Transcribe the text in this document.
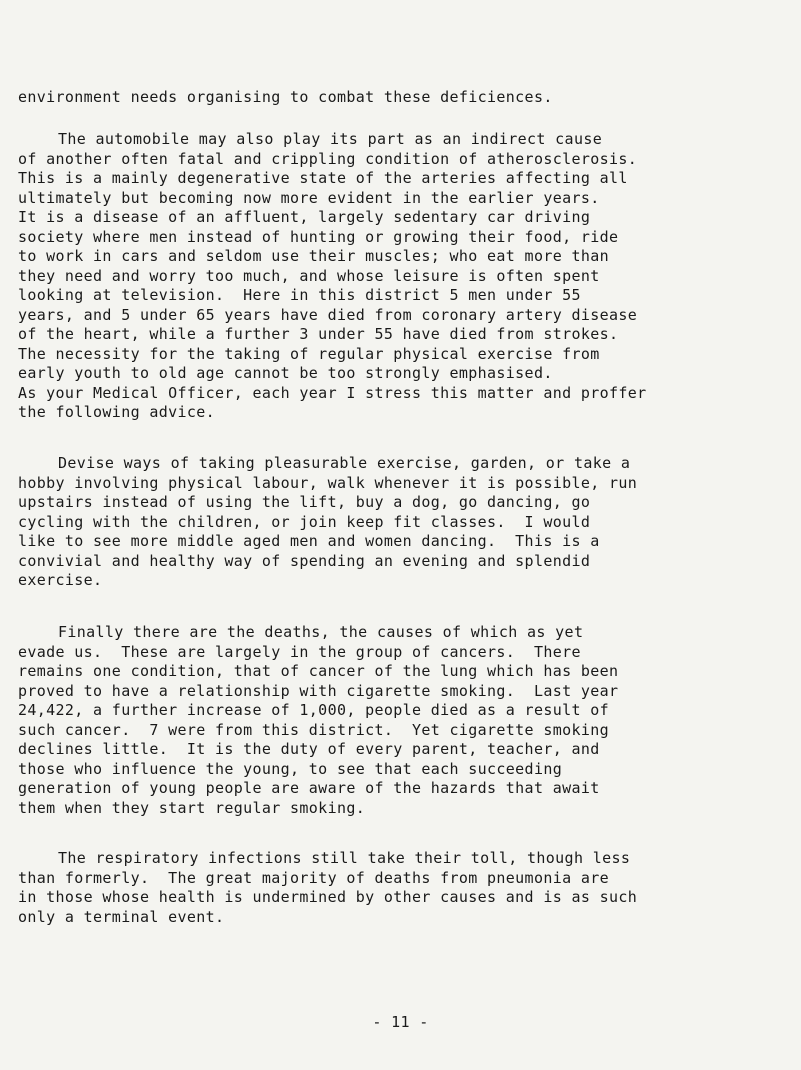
environment needs organising to combat these deficiences.

The automobile may also play its part as an indirect cause
of another often fatal and crippling condition of atherosclerosis.
This is a mainly degenerative state of the arteries affecting all
ultimately but becoming now more evident in the earlier years.
It is a disease of an affluent, largely sedentary car driving
society where men instead of hunting or growing their food, ride
to work in cars and seldom use their muscles; who eat more than
they need and worry too much, and whose leisure is often spent
looking at television.  Here in this district 5 men under 55
years, and 5 under 65 years have died from coronary artery disease
of the heart, while a further 3 under 55 have died from strokes.
The necessity for the taking of regular physical exercise from
early youth to old age cannot be too strongly emphasised.
As your Medical Officer, each year I stress this matter and proffer
the following advice.

Devise ways of taking pleasurable exercise, garden, or take a
hobby involving physical labour, walk whenever it is possible, run
upstairs instead of using the lift, buy a dog, go dancing, go
cycling with the children, or join keep fit classes.  I would
like to see more middle aged men and women dancing.  This is a
convivial and healthy way of spending an evening and splendid
exercise.

Finally there are the deaths, the causes of which as yet
evade us.  These are largely in the group of cancers.  There
remains one condition, that of cancer of the lung which has been
proved to have a relationship with cigarette smoking.  Last year
24,422, a further increase of 1,000, people died as a result of
such cancer.  7 were from this district.  Yet cigarette smoking
declines little.  It is the duty of every parent, teacher, and
those who influence the young, to see that each succeeding
generation of young people are aware of the hazards that await
them when they start regular smoking.

The respiratory infections still take their toll, though less
than formerly.  The great majority of deaths from pneumonia are
in those whose health is undermined by other causes and is as such
only a terminal event.

- 11 -
